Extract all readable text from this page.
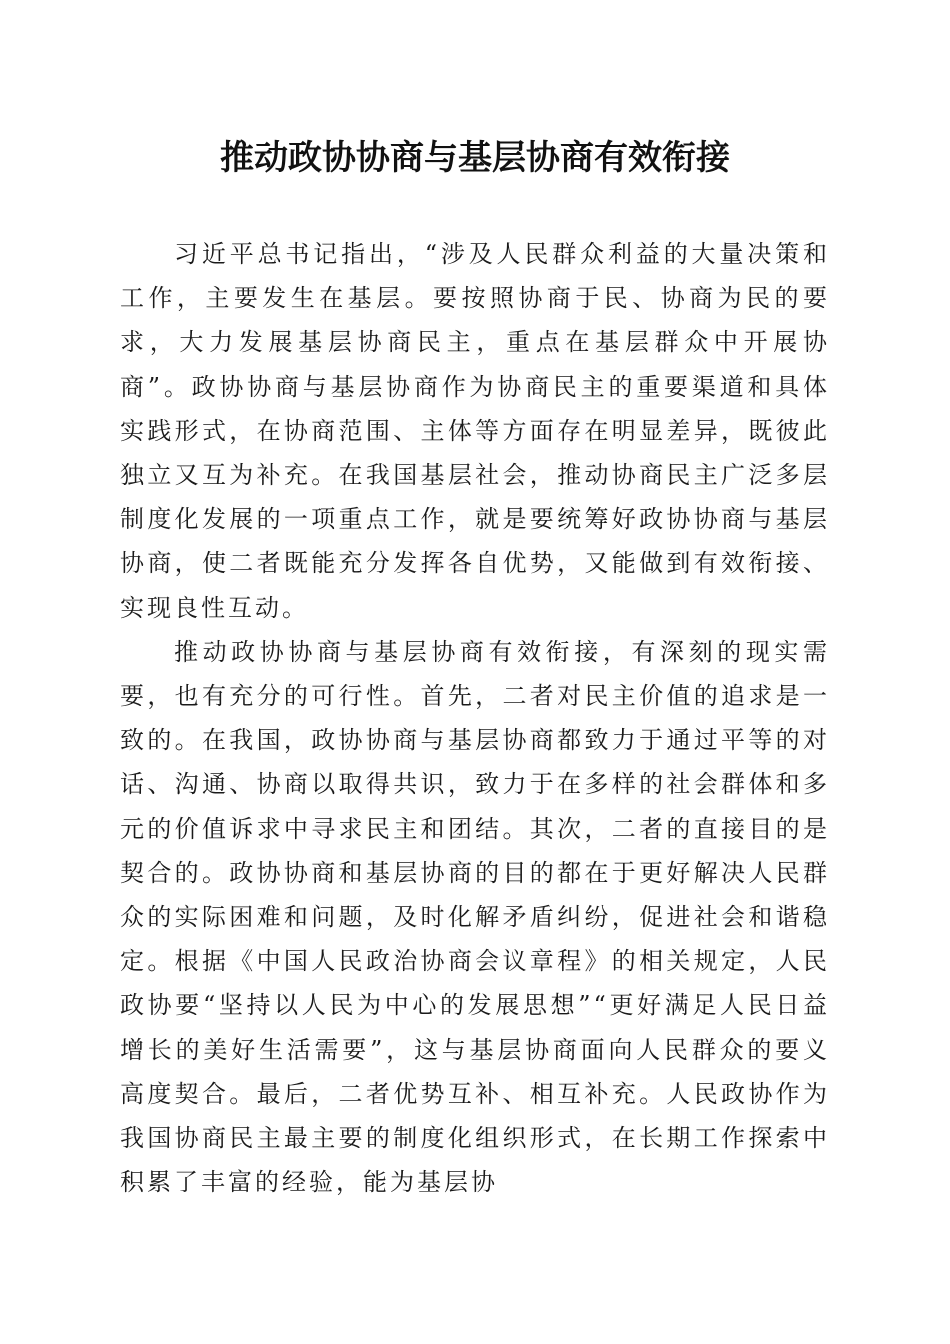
推动政协协商与基层协商有效衔接

习近平总书记指出，“涉及人民群众利益的大量决策和工作，主要发生在基层。要按照协商于民、协商为民的要求，大力发展基层协商民主，重点在基层群众中开展协商”。政协协商与基层协商作为协商民主的重要渠道和具体实践形式，在协商范围、主体等方面存在明显差异，既彼此独立又互为补充。在我国基层社会，推动协商民主广泛多层制度化发展的一项重点工作，就是要统筹好政协协商与基层协商，使二者既能充分发挥各自优势，又能做到有效衔接、实现良性互动。

推动政协协商与基层协商有效衔接，有深刻的现实需要，也有充分的可行性。首先，二者对民主价值的追求是一致的。在我国，政协协商与基层协商都致力于通过平等的对话、沟通、协商以取得共识，致力于在多样的社会群体和多元的价值诉求中寻求民主和团结。其次，二者的直接目的是契合的。政协协商和基层协商的目的都在于更好解决人民群众的实际困难和问题，及时化解矛盾纠纷，促进社会和谐稳定。根据《中国人民政治协商会议章程》的相关规定，人民政协要“坚持以人民为中心的发展思想”“更好满足人民日益增长的美好生活需要”，这与基层协商面向人民群众的要义高度契合。最后，二者优势互补、相互补充。人民政协作为我国协商民主最主要的制度化组织形式，在长期工作探索中积累了丰富的经验，能为基层协
